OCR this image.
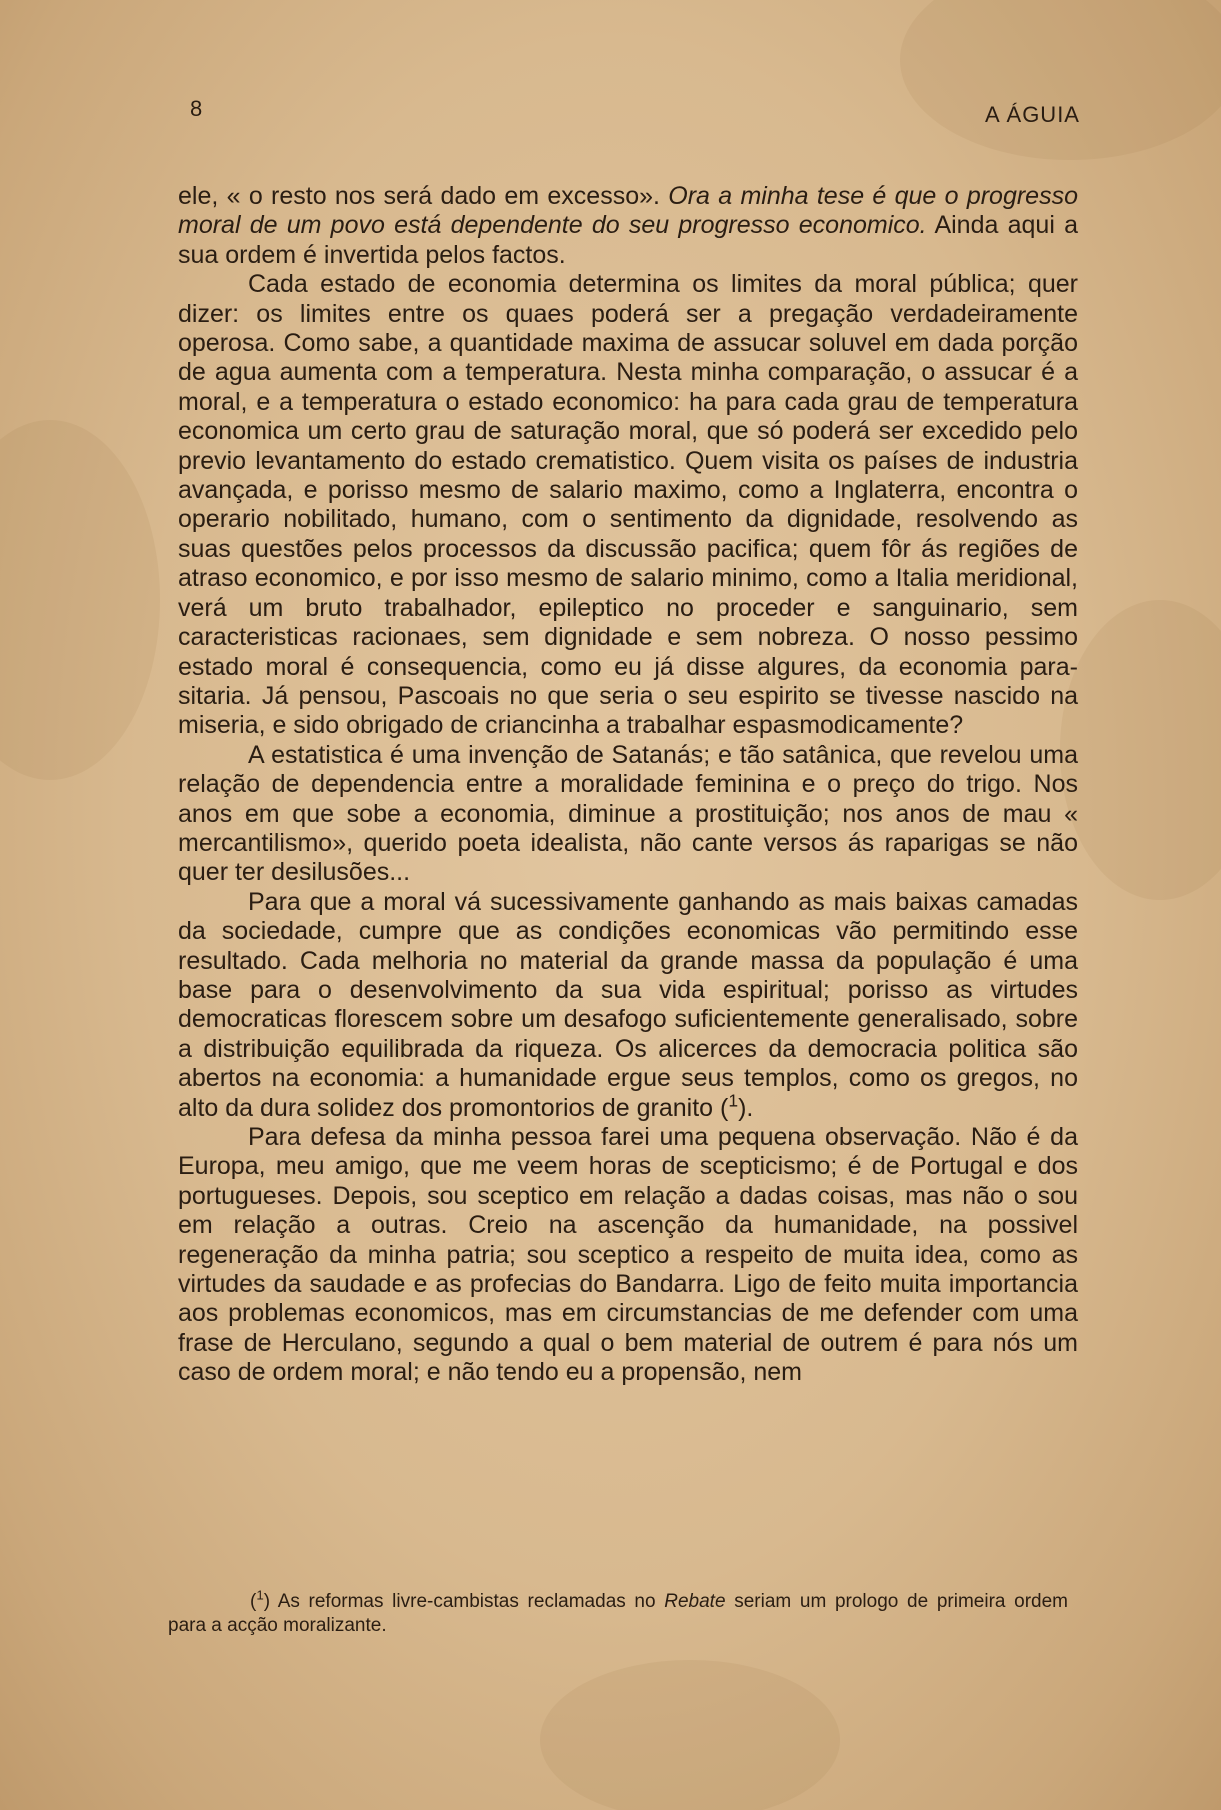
8	A ÁGUIA

ele, « o resto nos será dado em excesso». Ora a minha tese é que o progresso moral de um povo está dependente do seu progresso economico. Ainda aqui a sua ordem é invertida pelos factos.

Cada estado de economia determina os limites da moral pública; quer dizer: os limites entre os quaes poderá ser a pregação verdadeiramente operosa. Como sabe, a quantidade maxima de assucar soluvel em dada porção de agua aumenta com a temperatura. Nesta minha comparação, o assucar é a moral, e a temperatura o estado economico: ha para cada grau de temperatura economica um certo grau de saturação moral, que só poderá ser excedido pelo previo levantamento do estado crematistico. Quem visita os países de industria avançada, e porisso mesmo de salario maximo, como a Inglaterra, encontra o operario nobilitado, humano, com o sentimento da dignidade, resolvendo as suas questões pelos processos da discussão pacifica; quem fôr ás regiões de atraso economico, e por isso mesmo de salario minimo, como a Italia meridional, verá um bruto trabalhador, epileptico no proceder e sanguinario, sem caracteristicas racionaes, sem dignidade e sem nobreza. O nosso pessimo estado moral é consequencia, como eu já disse algures, da economia parasitaria. Já pensou, Pascoais no que seria o seu espirito se tivesse nascido na miseria, e sido obrigado de criancinha a trabalhar espasmodicamente?

A estatistica é uma invenção de Satanás; e tão satânica, que revelou uma relação de dependencia entre a moralidade feminina e o preço do trigo. Nos anos em que sobe a economia, diminue a prostituição; nos anos de mau « mercantilismo», querido poeta idealista, não cante versos ás raparigas se não quer ter desilusões...

Para que a moral vá sucessivamente ganhando as mais baixas camadas da sociedade, cumpre que as condições economicas vão permitindo esse resultado. Cada melhoria no material da grande massa da população é uma base para o desenvolvimento da sua vida espiritual; porisso as virtudes democraticas florescem sobre um desafogo suficientemente generalisado, sobre a distribuição equilibrada da riqueza. Os alicerces da democracia politica são abertos na economia: a humanidade ergue seus templos, como os gregos, no alto da dura solidez dos promontorios de granito ($^1$).

Para defesa da minha pessoa farei uma pequena observação. Não é da Europa, meu amigo, que me veem horas de scepticismo; é de Portugal e dos portugueses. Depois, sou sceptico em relação a dadas coisas, mas não o sou em relação a outras. Creio na ascenção da humanidade, na possivel regeneração da minha patria; sou sceptico a respeito de muita idea, como as virtudes da saudade e as profecias do Bandarra. Ligo de feito muita importancia aos problemas economicos, mas em circumstancias de me defender com uma frase de Herculano, segundo a qual o bem material de outrem é para nós um caso de ordem moral; e não tendo eu a propensão, nem

($^1$) As reformas livre-cambistas reclamadas no Rebate seriam um prologo de primeira ordem para a acção moralizante.
